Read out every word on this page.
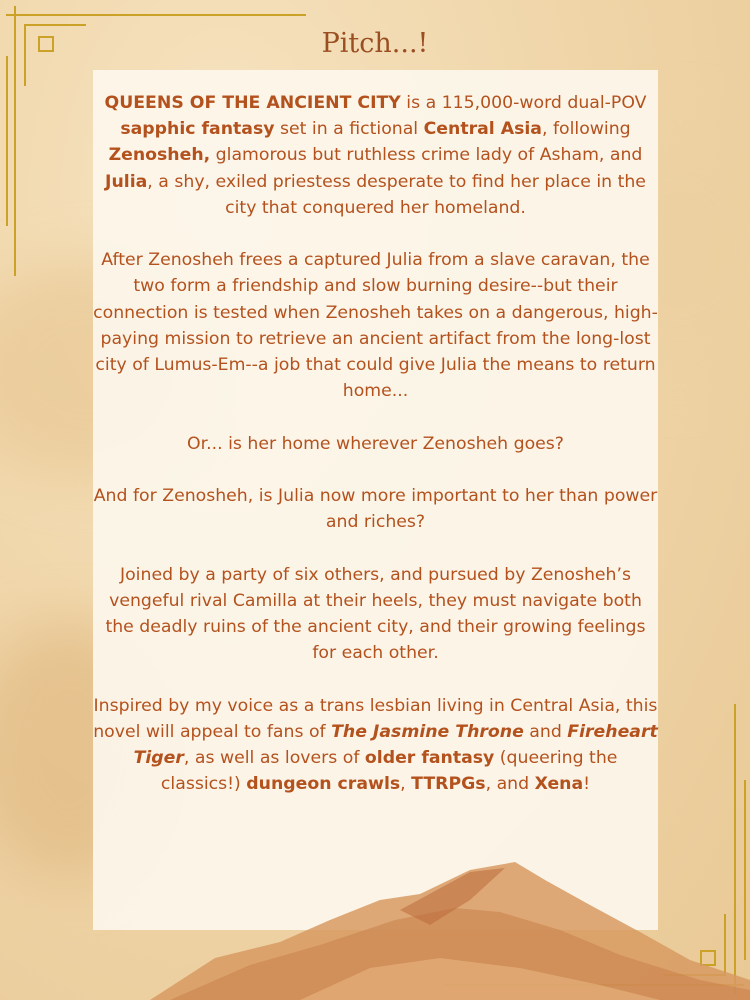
Pitch...!

QUEENS OF THE ANCIENT CITY is a 115,000-word dual-POV sapphic fantasy set in a fictional Central Asia, following Zenosheh, glamorous but ruthless crime lady of Asham, and Julia, a shy, exiled priestess desperate to find her place in the city that conquered her homeland.

After Zenosheh frees a captured Julia from a slave caravan, the two form a friendship and slow burning desire--but their connection is tested when Zenosheh takes on a dangerous, high-paying mission to retrieve an ancient artifact from the long-lost city of Lumus-Em--a job that could give Julia the means to return home...

Or... is her home wherever Zenosheh goes?

And for Zenosheh, is Julia now more important to her than power and riches?

Joined by a party of six others, and pursued by Zenosheh’s vengeful rival Camilla at their heels, they must navigate both the deadly ruins of the ancient city, and their growing feelings for each other.

Inspired by my voice as a trans lesbian living in Central Asia, this novel will appeal to fans of The Jasmine Throne and Fireheart Tiger, as well as lovers of older fantasy (queering the classics!) dungeon crawls, TTRPGs, and Xena!
